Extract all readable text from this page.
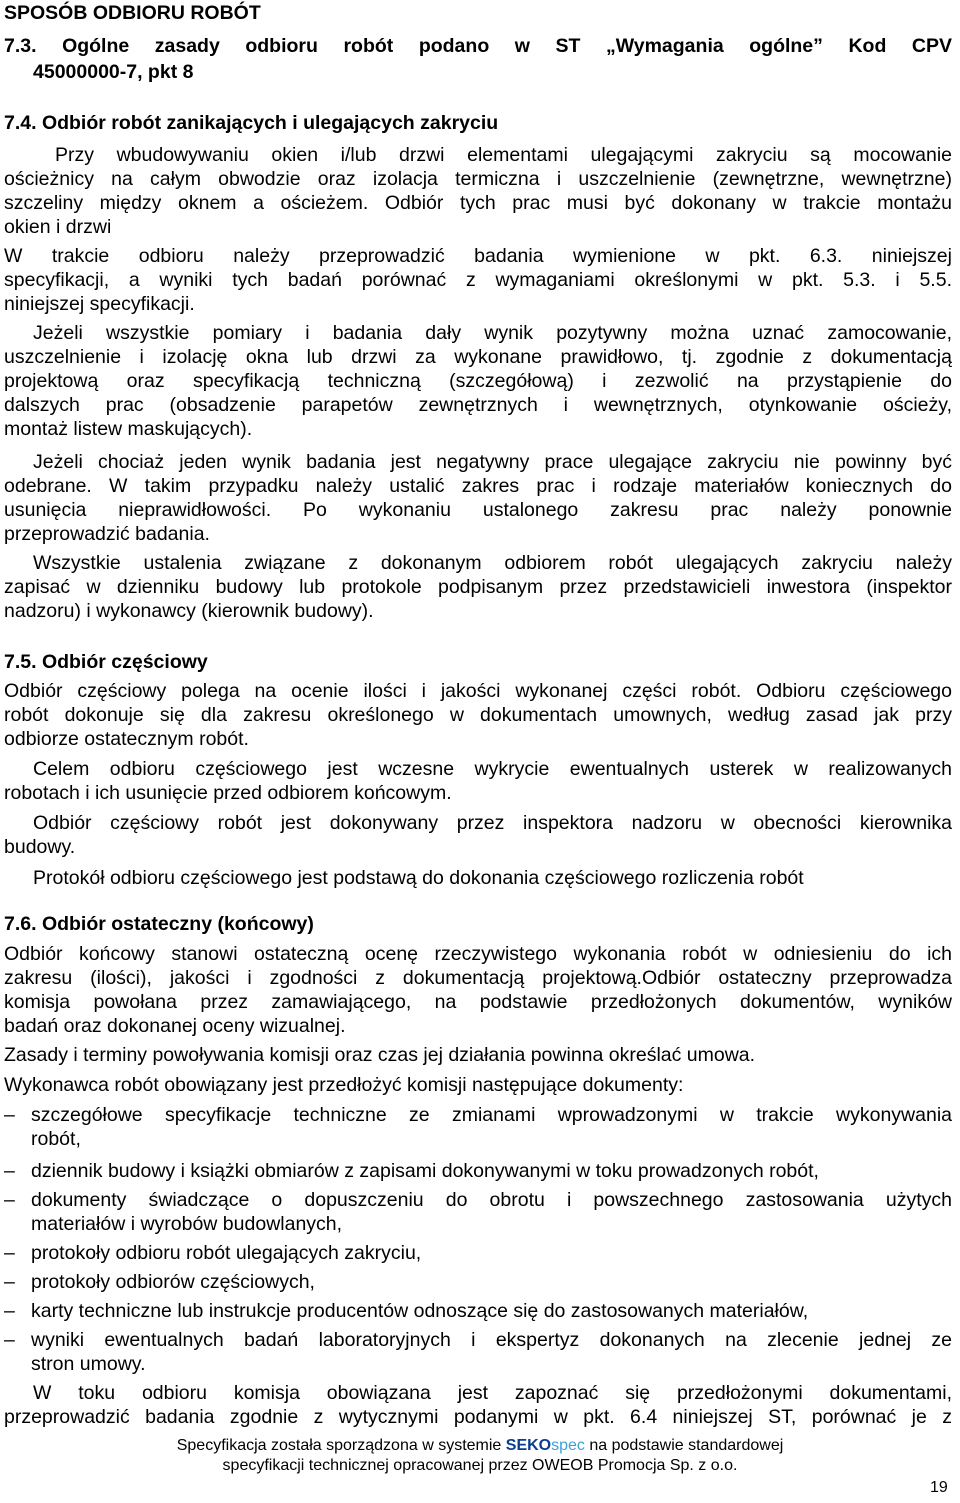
SPOSÓB ODBIORU ROBÓT
7.3. Ogólne zasady odbioru robót podano w ST „Wymagania ogólne” Kod CPV
45000000-7, pkt 8
7.4. Odbiór robót zanikających i ulegających zakryciu
Przy wbudowywaniu okien i/lub drzwi elementami ulegającymi zakryciu są mocowanie
ościeżnicy na całym obwodzie oraz izolacja termiczna i uszczelnienie (zewnętrzne, wewnętrzne)
szczeliny między oknem a ościeżem. Odbiór tych prac musi być dokonany w trakcie montażu
okien i drzwi
W trakcie odbioru należy przeprowadzić badania wymienione w pkt. 6.3. niniejszej
specyfikacji, a wyniki tych badań porównać z wymaganiami określonymi w pkt. 5.3. i 5.5.
niniejszej specyfikacji.
Jeżeli wszystkie pomiary i badania dały wynik pozytywny można uznać zamocowanie,
uszczelnienie i izolację okna lub drzwi za wykonane prawidłowo, tj. zgodnie z dokumentacją
projektową oraz specyfikacją techniczną (szczegółową) i zezwolić na przystąpienie do
dalszych prac (obsadzenie parapetów zewnętrznych i wewnętrznych, otynkowanie ościeży,
montaż listew maskujących).
Jeżeli chociaż jeden wynik badania jest negatywny prace ulegające zakryciu nie powinny być
odebrane. W takim przypadku należy ustalić zakres prac i rodzaje materiałów koniecznych do
usunięcia nieprawidłowości. Po wykonaniu ustalonego zakresu prac należy ponownie
przeprowadzić badania.
Wszystkie ustalenia związane z dokonanym odbiorem robót ulegających zakryciu należy
zapisać w dzienniku budowy lub protokole podpisanym przez przedstawicieli inwestora (inspektor
nadzoru) i wykonawcy (kierownik budowy).
7.5. Odbiór częściowy
Odbiór częściowy polega na ocenie ilości i jakości wykonanej części robót. Odbioru częściowego
robót dokonuje się dla zakresu określonego w dokumentach umownych, według zasad jak przy
odbiorze ostatecznym robót.
Celem odbioru częściowego jest wczesne wykrycie ewentualnych usterek w realizowanych
robotach i ich usunięcie przed odbiorem końcowym.
Odbiór częściowy robót jest dokonywany przez inspektora nadzoru w obecności kierownika
budowy.
Protokół odbioru częściowego jest podstawą do dokonania częściowego rozliczenia robót
7.6. Odbiór ostateczny (końcowy)
Odbiór końcowy stanowi ostateczną ocenę rzeczywistego wykonania robót w odniesieniu do ich
zakresu (ilości), jakości i zgodności z dokumentacją projektową.Odbiór ostateczny przeprowadza
komisja powołana przez zamawiającego, na podstawie przedłożonych dokumentów, wyników
badań oraz dokonanej oceny wizualnej.
Zasady i terminy powoływania komisji oraz czas jej działania powinna określać umowa.
Wykonawca robót obowiązany jest przedłożyć komisji następujące dokumenty:
– szczegółowe specyfikacje techniczne ze zmianami wprowadzonymi w trakcie wykonywania
robót,
– dziennik budowy i książki obmiarów z zapisami dokonywanymi w toku prowadzonych robót,
– dokumenty świadczące o dopuszczeniu do obrotu i powszechnego zastosowania użytych
materiałów i wyrobów budowlanych,
– protokoły odbioru robót ulegających zakryciu,
– protokoły odbiorów częściowych,
– karty techniczne lub instrukcje producentów odnoszące się do zastosowanych materiałów,
– wyniki ewentualnych badań laboratoryjnych i ekspertyz dokonanych na zlecenie jednej ze
stron umowy.
W toku odbioru komisja obowiązana jest zapoznać się przedłożonymi dokumentami,
przeprowadzić badania zgodnie z wytycznymi podanymi w pkt. 6.4 niniejszej ST, porównać je z
Specyfikacja została sporządzona w systemie SEKOspec na podstawie standardowej
specyfikacji technicznej opracowanej przez OWEOB Promocja Sp. z o.o.
19
